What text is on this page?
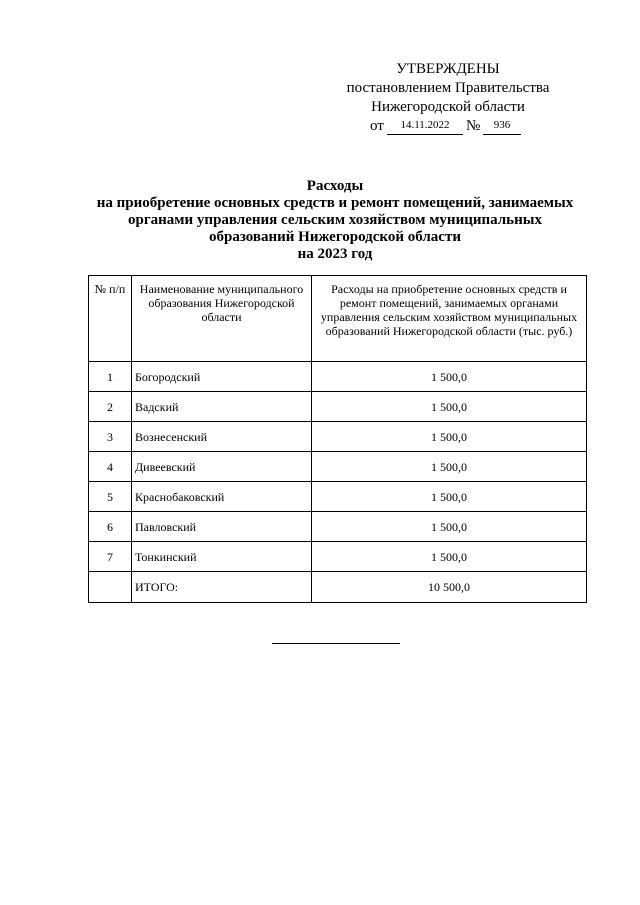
УТВЕРЖДЕНЫ
постановлением Правительства
Нижегородской области
от	14.11.2022	№	936
Расходы
на приобретение основных средств и ремонт помещений, занимаемых
органами управления сельским хозяйством муниципальных
образований Нижегородской области
на 2023 год
№ п/п	Наименование муниципального образования Нижегородской области	Расходы на приобретение основных средств и ремонт помещений, занимаемых органами управления сельским хозяйством муниципальных образований Нижегородской области (тыс. руб.)
1	Богородский	1 500,0
2	Вадский	1 500,0
3	Вознесенский	1 500,0
4	Дивеевский	1 500,0
5	Краснобаковский	1 500,0
6	Павловский	1 500,0
7	Тонкинский	1 500,0
	ИТОГО:	10 500,0
